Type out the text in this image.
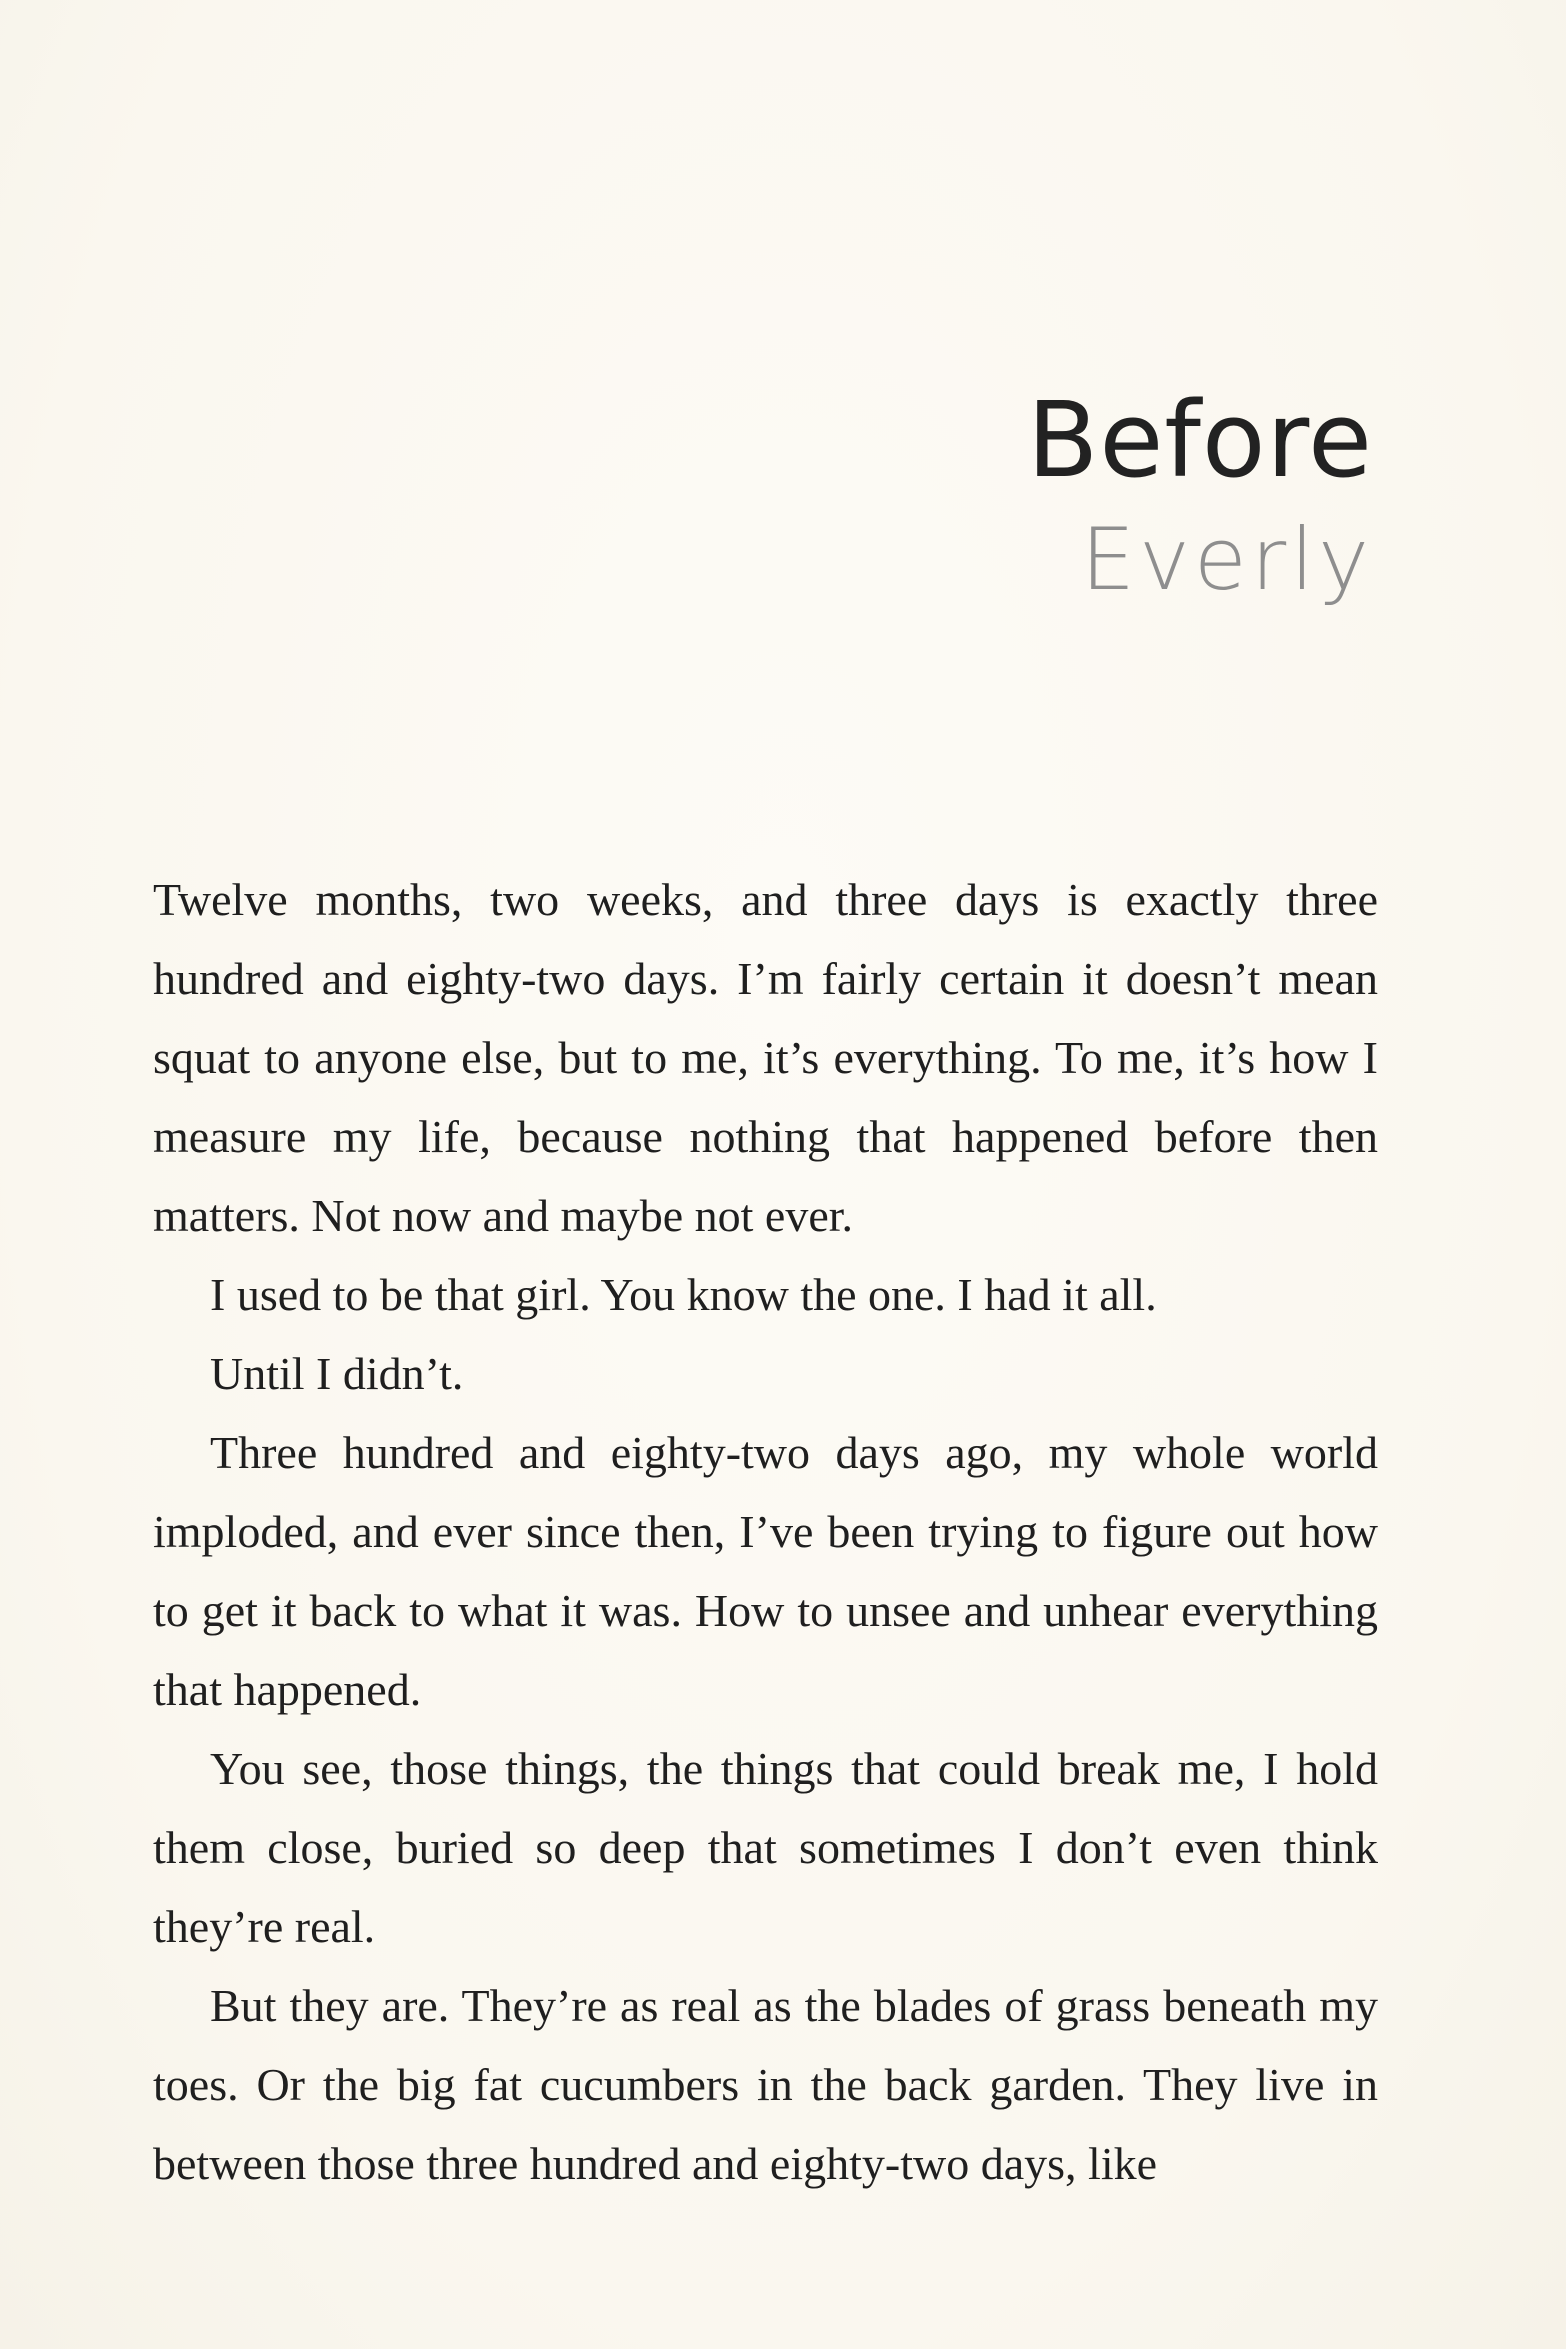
Before
Everly

Twelve months, two weeks, and three days is exactly three hundred and eighty-two days. I’m fairly certain it doesn’t mean squat to anyone else, but to me, it’s everything. To me, it’s how I measure my life, because nothing that happened before then matters. Not now and maybe not ever.

I used to be that girl. You know the one. I had it all.

Until I didn’t.

Three hundred and eighty-two days ago, my whole world imploded, and ever since then, I’ve been trying to figure out how to get it back to what it was. How to unsee and unhear everything that happened.

You see, those things, the things that could break me, I hold them close, buried so deep that sometimes I don’t even think they’re real.

But they are. They’re as real as the blades of grass beneath my toes. Or the big fat cucumbers in the back garden. They live in between those three hundred and eighty-two days, like
